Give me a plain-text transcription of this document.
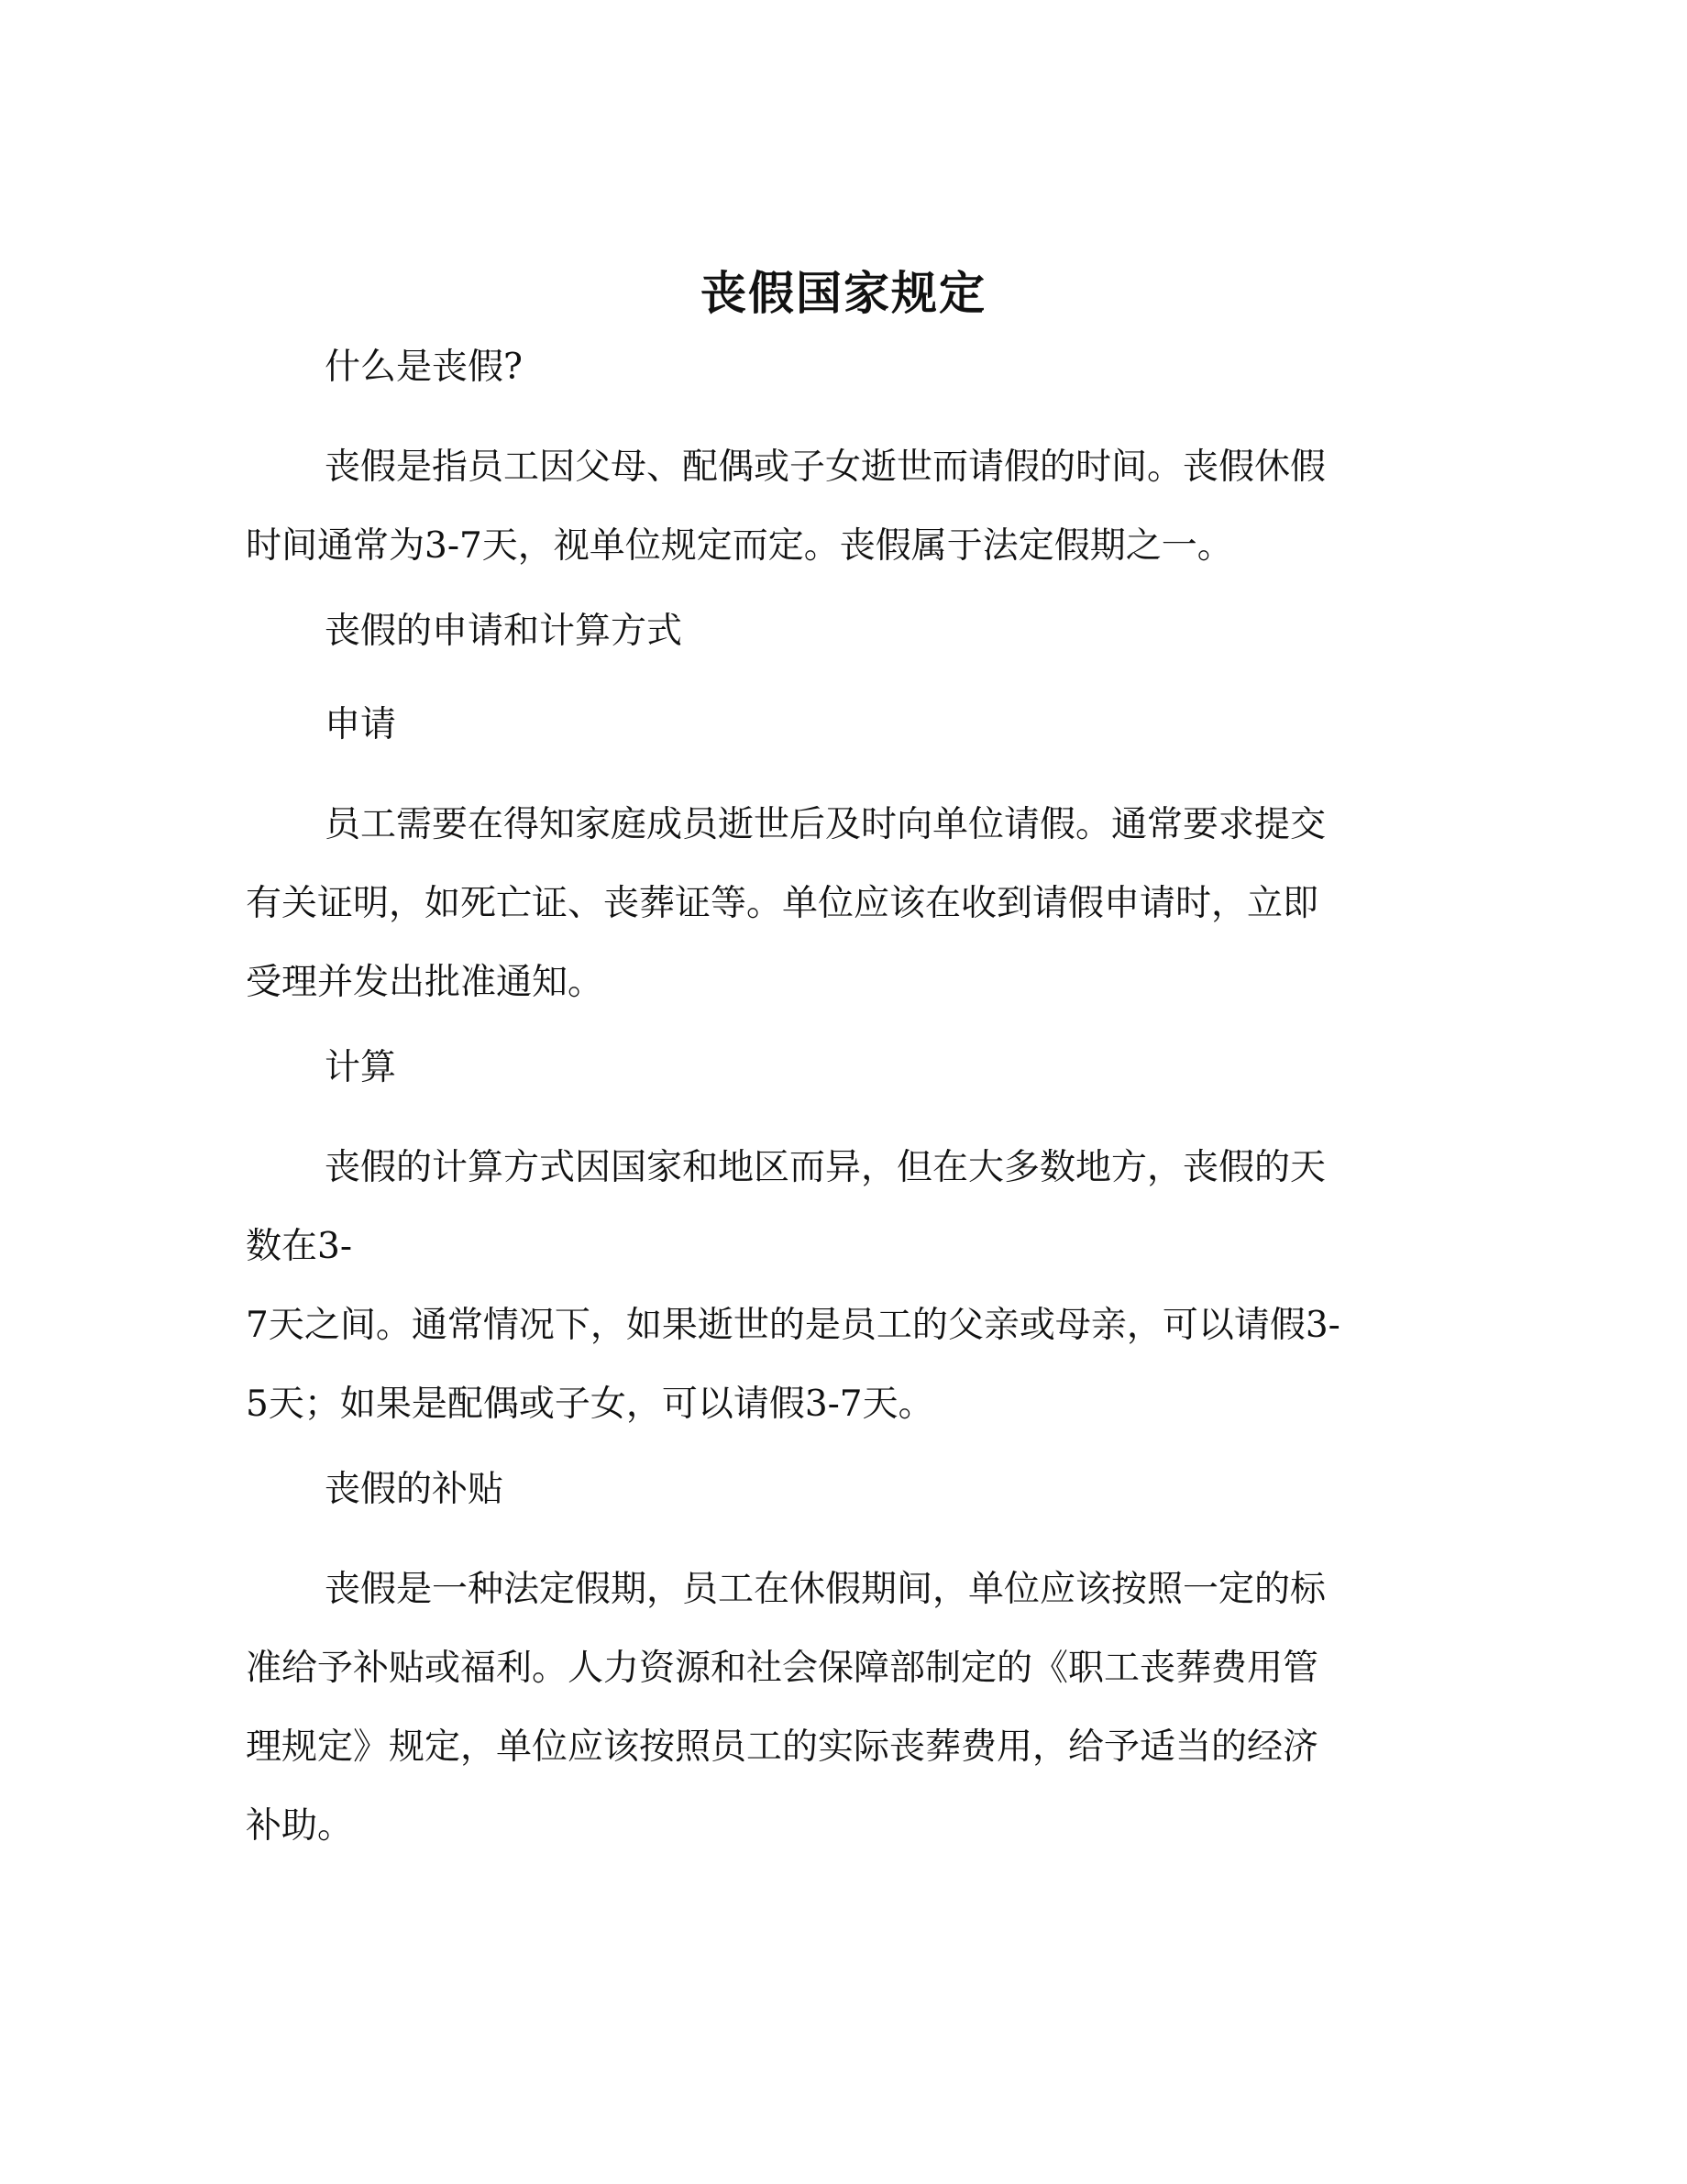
丧假国家规定
什么是丧假?
丧假是指员工因父母、配偶或子女逝世而请假的时间。丧假休假
时间通常为3-7天，视单位规定而定。丧假属于法定假期之一。
丧假的申请和计算方式
申请
员工需要在得知家庭成员逝世后及时向单位请假。通常要求提交
有关证明，如死亡证、丧葬证等。单位应该在收到请假申请时，立即
受理并发出批准通知。
计算
丧假的计算方式因国家和地区而异，但在大多数地方，丧假的天
数在3-
7天之间。通常情况下，如果逝世的是员工的父亲或母亲，可以请假3-
5天；如果是配偶或子女，可以请假3-7天。
丧假的补贴
丧假是一种法定假期，员工在休假期间，单位应该按照一定的标
准给予补贴或福利。人力资源和社会保障部制定的《职工丧葬费用管
理规定》规定，单位应该按照员工的实际丧葬费用，给予适当的经济
补助。
